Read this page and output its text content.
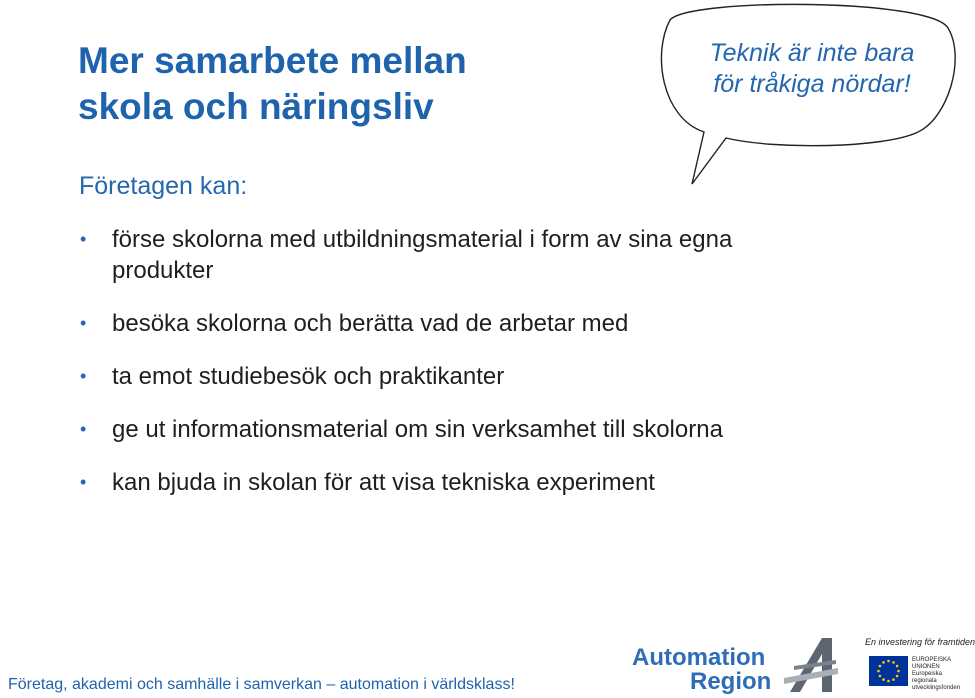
Mer samarbete mellan
skola och näringsliv
Teknik är inte bara för tråkiga nördar!
Företagen kan:
• förse skolorna med utbildningsmaterial i form av sina egna produkter
• besöka skolorna och berätta vad de arbetar med
• ta emot studiebesök och praktikanter
• ge ut informationsmaterial om sin verksamhet till skolorna
• kan bjuda in skolan för att visa tekniska experiment
Företag, akademi och samhälle i samverkan – automation i världsklass!
Automation
Region
En investering för framtiden
EUROPEISKA
UNIONEN
Europeiska
regionala
utvecklingsfonden
